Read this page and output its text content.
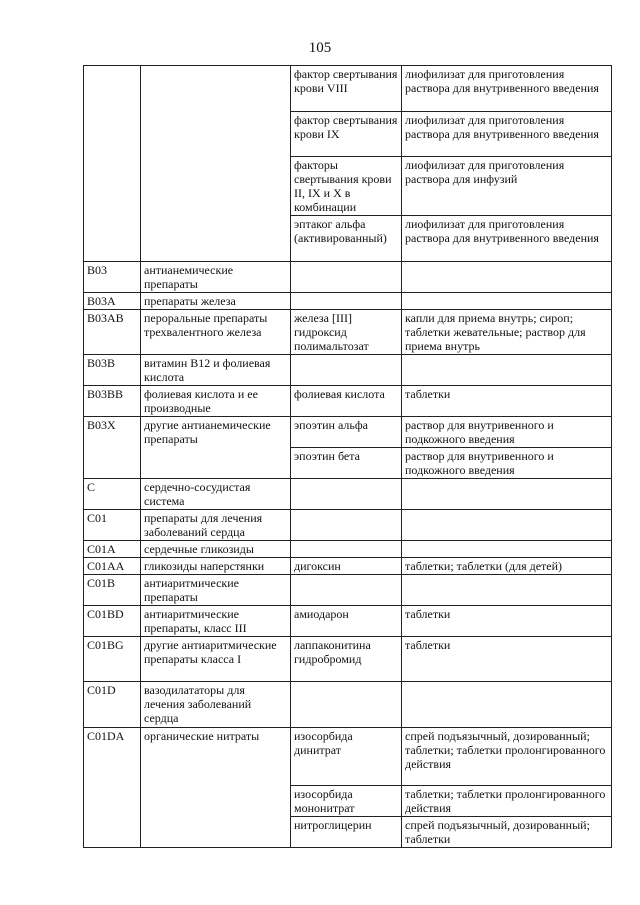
105
		фактор свертывания крови VIII	лиофилизат для приготовления раствора для внутривенного введения
		фактор свертывания крови IX	лиофилизат для приготовления раствора для внутривенного введения
		факторы свертывания крови II, IX и X в комбинации	лиофилизат для приготовления раствора для инфузий
		эптаког альфа (активированный)	лиофилизат для приготовления раствора для внутривенного введения
B03	антианемические препараты		
B03A	препараты железа		
B03AB	пероральные препараты трехвалентного железа	железа [III] гидроксид полимальтозат	капли для приема внутрь; сироп; таблетки жевательные; раствор для приема внутрь
B03B	витамин B12 и фолиевая кислота		
B03BB	фолиевая кислота и ее производные	фолиевая кислота	таблетки
B03X	другие антианемические препараты	эпоэтин альфа	раствор для внутривенного и подкожного введения
		эпоэтин бета	раствор для внутривенного и подкожного введения
C	сердечно-сосудистая система		
C01	препараты для лечения заболеваний сердца		
C01A	сердечные гликозиды		
C01AA	гликозиды наперстянки	дигоксин	таблетки; таблетки (для детей)
C01B	антиаритмические препараты		
C01BD	антиаритмические препараты, класс III	амиодарон	таблетки
C01BG	другие антиаритмические препараты класса I	лаппаконитина гидробромид	таблетки
C01D	вазодилататоры для лечения заболеваний сердца		
C01DA	органические нитраты	изосорбида динитрат	спрей подъязычный, дозированный; таблетки; таблетки пролонгированного действия
		изосорбида мононитрат	таблетки; таблетки пролонгированного действия
		нитроглицерин	спрей подъязычный, дозированный; таблетки
